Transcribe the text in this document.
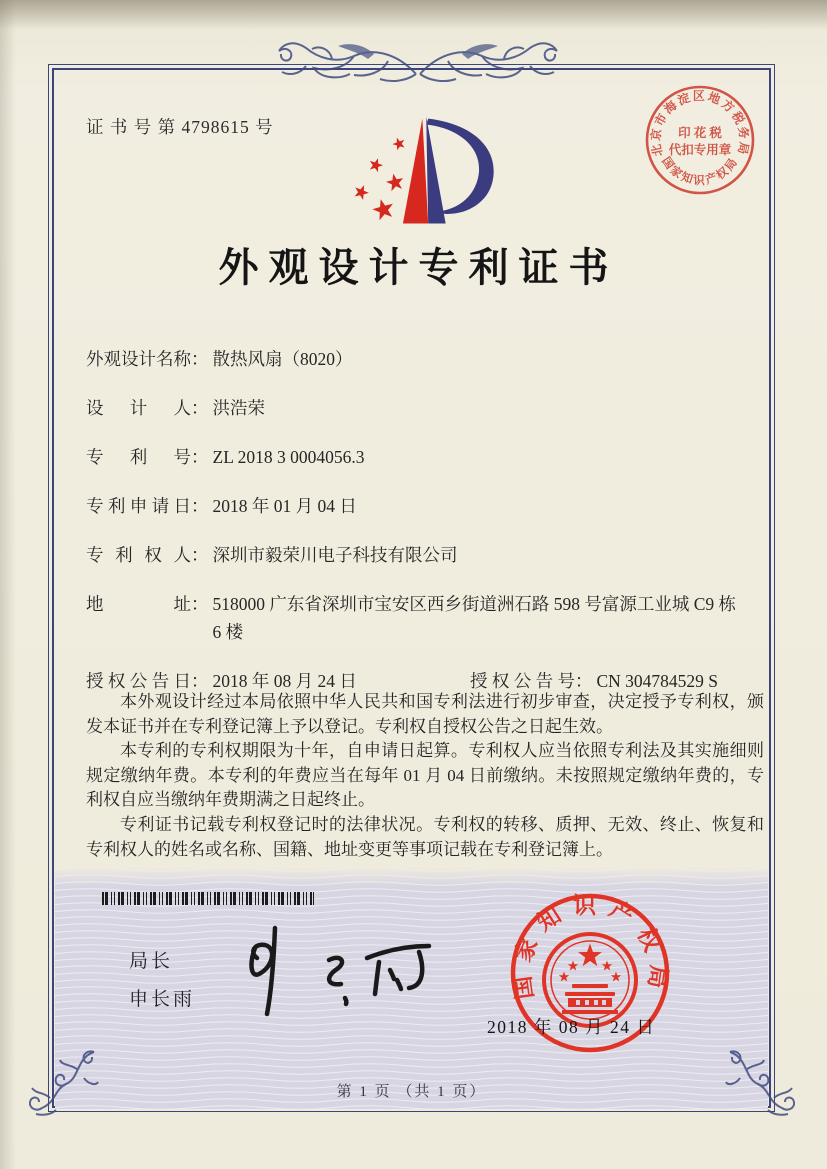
证 书 号 第 4798615 号
北京市海淀区地方税务局
国家知识产权局
印 花 税
代扣专用章
外观设计专利证书
外观设计名称 ： 散热风扇（8020）
设计人 ： 洪浩荣
专利号 ： ZL 2018 3 0004056.3
专利申请日 ： 2018 年 01 月 04 日
专利权人 ： 深圳市毅荣川电子科技有限公司
地址 ： 518000 广东省深圳市宝安区西乡街道洲石路 598 号富源工业城 C9 栋 6 楼
授权公告日 ： 2018 年 08 月 24 日	授权公告号 ： CN 304784529 S

本外观设计经过本局依照中华人民共和国专利法进行初步审查，决定授予专利权，颁发本证书并在专利登记簿上予以登记。专利权自授权公告之日起生效。

本专利的专利权期限为十年，自申请日起算。专利权人应当依照专利法及其实施细则规定缴纳年费。本专利的年费应当在每年 01 月 04 日前缴纳。未按照规定缴纳年费的，专利权自应当缴纳年费期满之日起终止。

专利证书记载专利权登记时的法律状况。专利权的转移、质押、无效、终止、恢复和专利权人的姓名或名称、国籍、地址变更等事项记载在专利登记簿上。

局长
申长雨	国家知识产权局
2018 年 08 月 24 日
第 1 页 （共 1 页）
